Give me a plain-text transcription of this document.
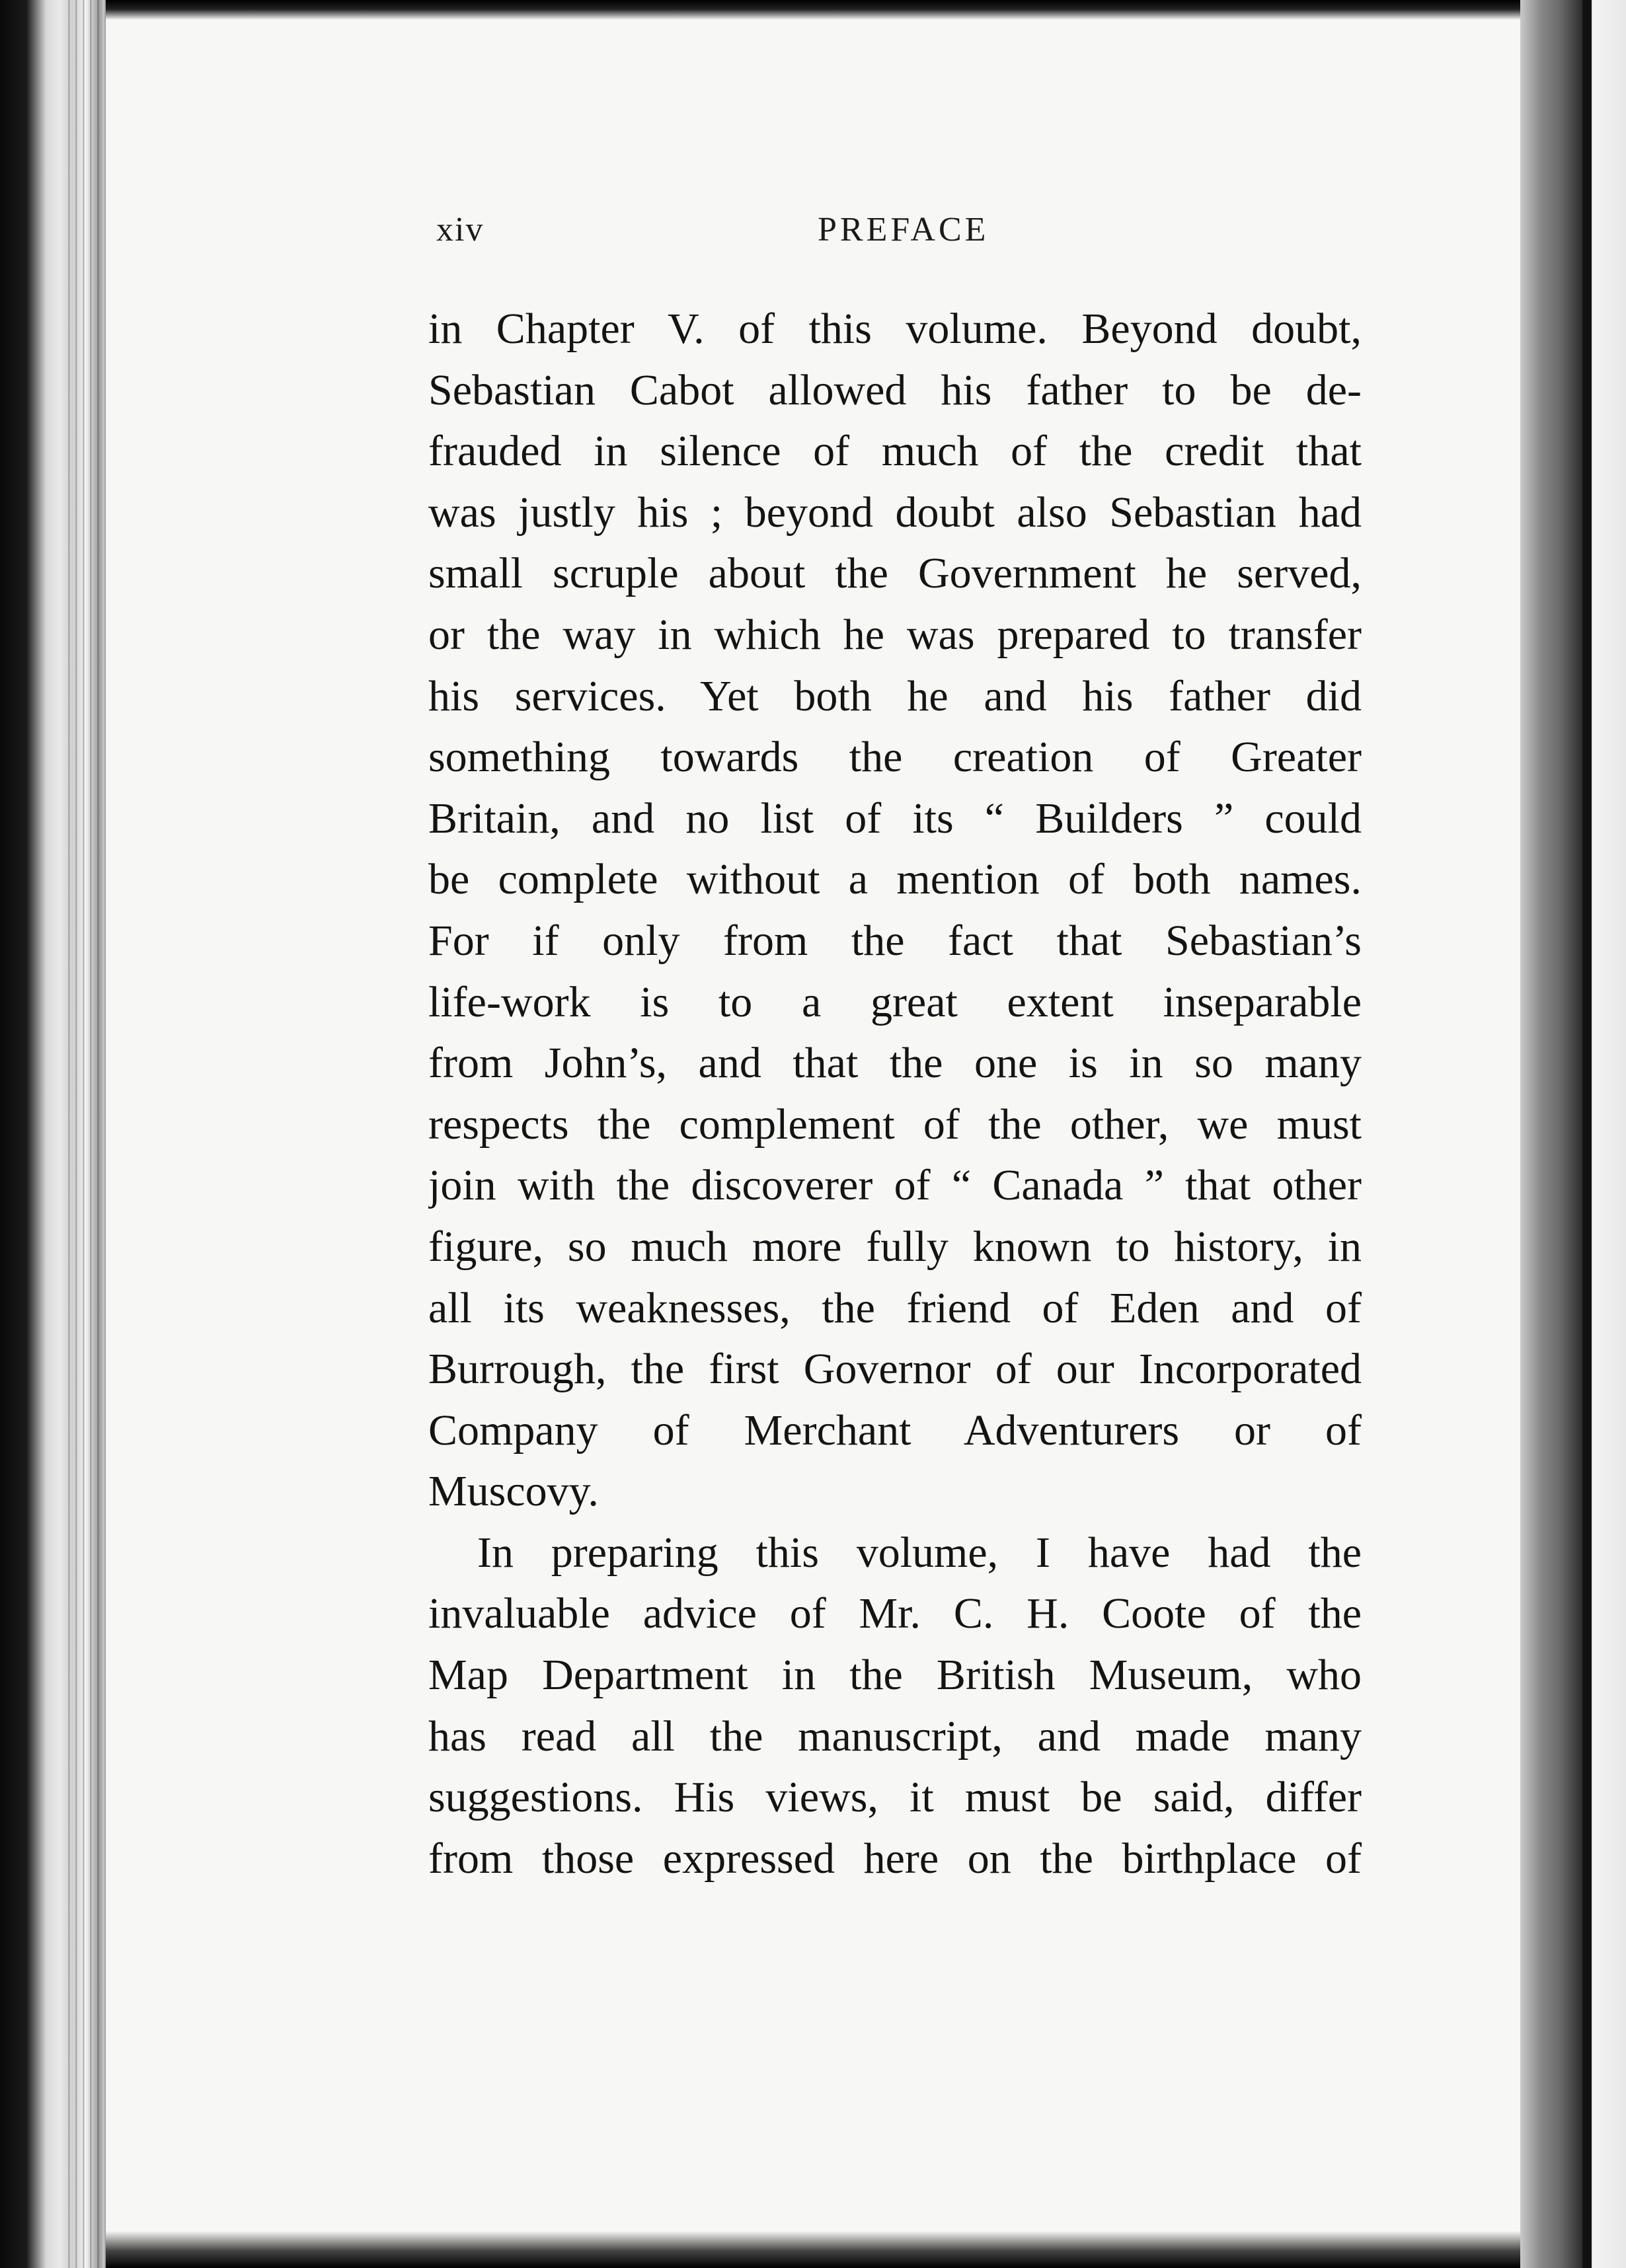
xiv	PREFACE
in Chapter V. of this volume. Beyond doubt,
Sebastian Cabot allowed his father to be de-
frauded in silence of much of the credit that
was justly his ; beyond doubt also Sebastian had
small scruple about the Government he served,
or the way in which he was prepared to transfer
his services. Yet both he and his father did
something towards the creation of Greater
Britain, and no list of its “ Builders ” could
be complete without a mention of both names.
For if only from the fact that Sebastian’s
life-work is to a great extent inseparable
from John’s, and that the one is in so many
respects the complement of the other, we must
join with the discoverer of “ Canada ” that other
figure, so much more fully known to history, in
all its weaknesses, the friend of Eden and of
Burrough, the first Governor of our Incorporated
Company of Merchant Adventurers or of
Muscovy.
In preparing this volume, I have had the
invaluable advice of Mr. C. H. Coote of the
Map Department in the British Museum, who
has read all the manuscript, and made many
suggestions. His views, it must be said, differ
from those expressed here on the birthplace of
